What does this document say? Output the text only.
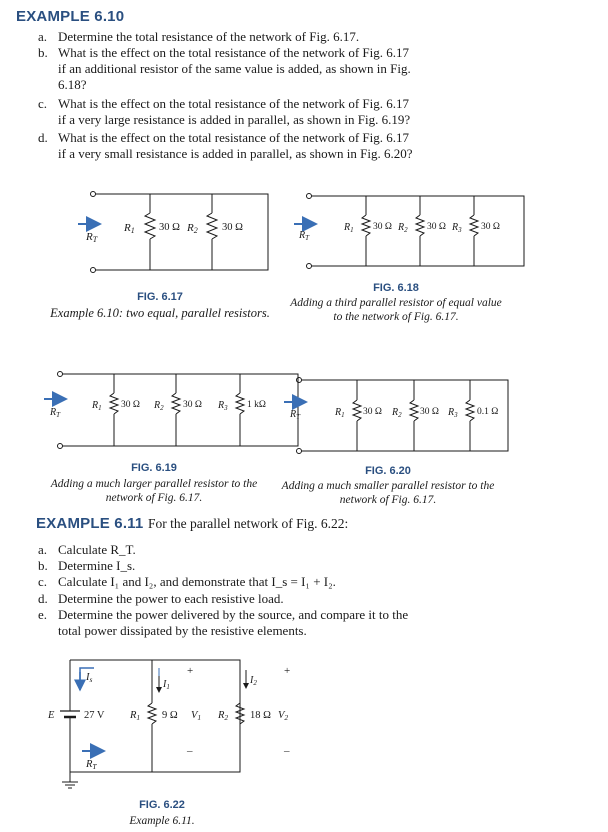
EXAMPLE 6.10
a. Determine the total resistance of the network of Fig. 6.17.
b. What is the effect on the total resistance of the network of Fig. 6.17
if an additional resistor of the same value is added, as shown in Fig.
6.18?
c. What is the effect on the total resistance of the network of Fig. 6.17
if a very large resistance is added in parallel, as shown in Fig. 6.19?
d. What is the effect on the total resistance of the network of Fig. 6.17
if a very small resistance is added in parallel, as shown in Fig. 6.20?
RT
R1 30 Ω R2 30 Ω
FIG. 6.17
Example 6.10: two equal, parallel resistors.
$R_T$
$R_1$ 30 Ω $R_2$ 30 Ω $R_3$ 30 Ω
FIG. 6.18
Adding a third parallel resistor of equal value
to the network of Fig. 6.17.
$R_T$
$R_1$ 30 Ω $R_2$ 30 Ω $R_3$ 1 kΩ
FIG. 6.19
Adding a much larger parallel resistor to the
network of Fig. 6.17.
$R_T$	$R_1$ 30 Ω $R_2$ 30 Ω $R_3$ 0.1 Ω
FIG. 6.20
Adding a much smaller parallel resistor to the
network of Fig. 6.17.
EXAMPLE 6.11 For the parallel network of Fig. 6.22:
a. Calculate R_T.
b. Determine I_s.
c. Calculate I₁ and I₂, and demonstrate that I_s = I₁ + I₂.
d. Determine the power to each resistive load.
e. Determine the power delivered by the source, and compare it to the
total power dissipated by the resistive elements.
E	27 V
Is
RT
$I_1$
+
R1 9 Ω V1
–
$I_2$
+
R2 18 Ω V2
–
FIG. 6.22
Example 6.11.
